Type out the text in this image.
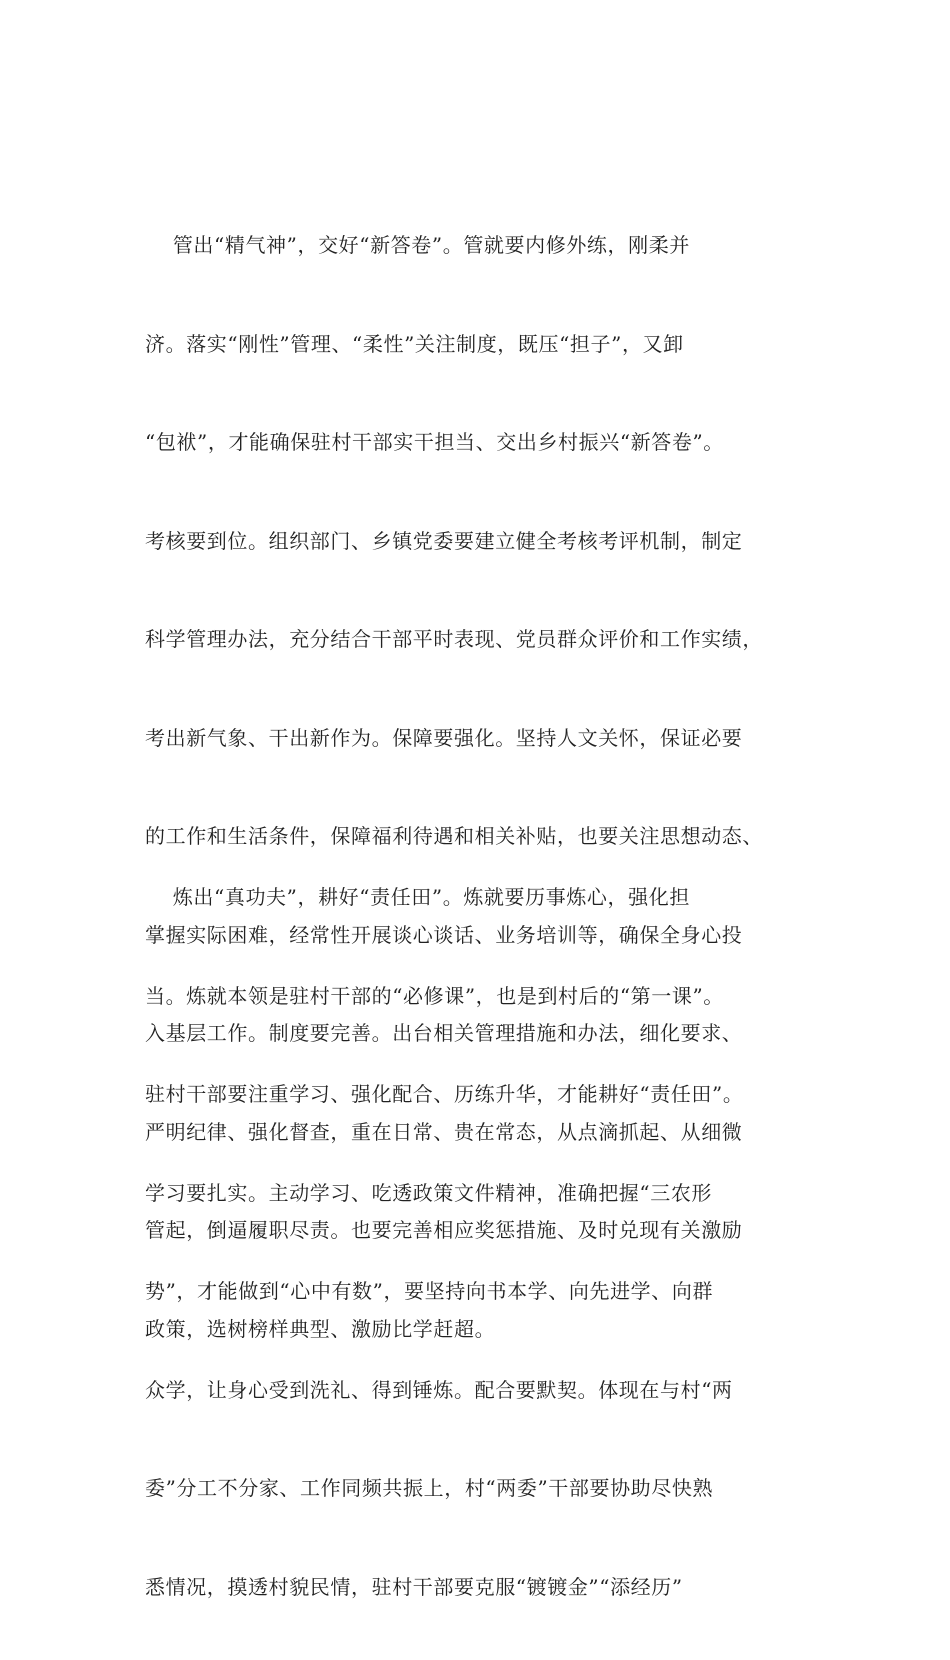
管出“精气神”，交好“新答卷”。管就要内修外练，刚柔并

济。落实“刚性”管理、“柔性”关注制度，既压“担子”，又卸

“包袱”，才能确保驻村干部实干担当、交出乡村振兴“新答卷”。

考核要到位。组织部门、乡镇党委要建立健全考核考评机制，制定

科学管理办法，充分结合干部平时表现、党员群众评价和工作实绩，

考出新气象、干出新作为。保障要强化。坚持人文关怀，保证必要

的工作和生活条件，保障福利待遇和相关补贴，也要关注思想动态、

掌握实际困难，经常性开展谈心谈话、业务培训等，确保全身心投

入基层工作。制度要完善。出台相关管理措施和办法，细化要求、

严明纪律、强化督查，重在日常、贵在常态，从点滴抓起、从细微

管起，倒逼履职尽责。也要完善相应奖惩措施、及时兑现有关激励

政策，选树榜样典型、激励比学赶超。

炼出“真功夫”，耕好“责任田”。炼就要历事炼心，强化担

当。炼就本领是驻村干部的“必修课”，也是到村后的“第一课”。

驻村干部要注重学习、强化配合、历练升华，才能耕好“责任田”。

学习要扎实。主动学习、吃透政策文件精神，准确把握“三农形

势”，才能做到“心中有数”，要坚持向书本学、向先进学、向群

众学，让身心受到洗礼、得到锤炼。配合要默契。体现在与村“两

委”分工不分家、工作同频共振上，村“两委”干部要协助尽快熟

悉情况，摸透村貌民情，驻村干部要克服“镀镀金”“添经历”
